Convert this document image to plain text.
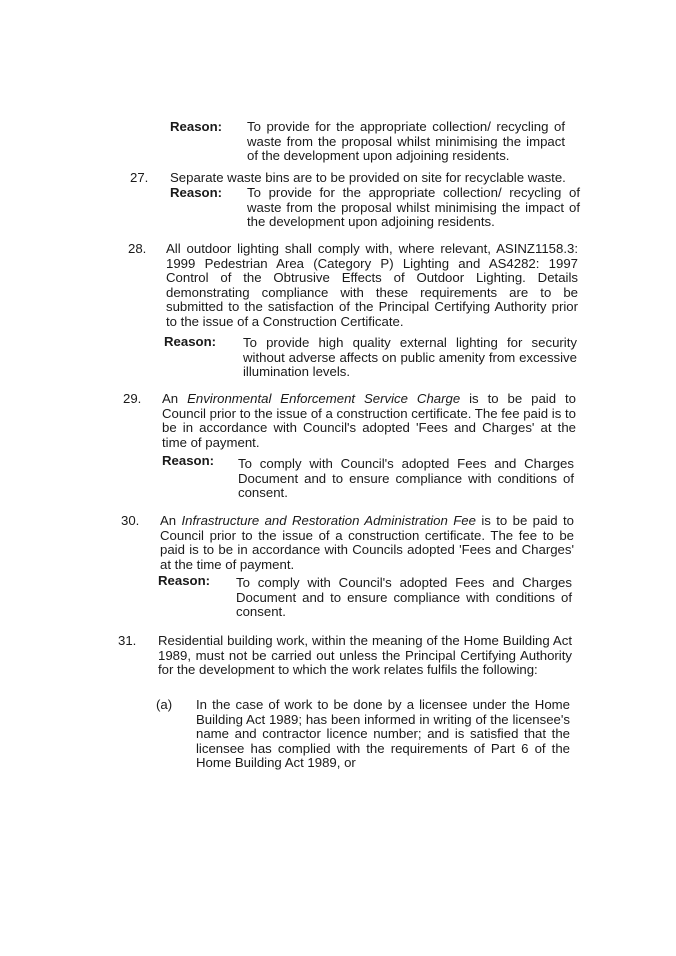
Reason: To provide for the appropriate collection/ recycling of waste from the proposal whilst minimising the impact of the development upon adjoining residents.
27. Separate waste bins are to be provided on site for recyclable waste.
Reason: To provide for the appropriate collection/ recycling of waste from the proposal whilst minimising the impact of the development upon adjoining residents.
28. All outdoor lighting shall comply with, where relevant, ASINZ1158.3: 1999 Pedestrian Area (Category P) Lighting and AS4282: 1997 Control of the Obtrusive Effects of Outdoor Lighting. Details demonstrating compliance with these requirements are to be submitted to the satisfaction of the Principal Certifying Authority prior to the issue of a Construction Certificate.
Reason: To provide high quality external lighting for security without adverse affects on public amenity from excessive illumination levels.
29. An Environmental Enforcement Service Charge is to be paid to Council prior to the issue of a construction certificate. The fee paid is to be in accordance with Council's adopted 'Fees and Charges' at the time of payment.
Reason: To comply with Council's adopted Fees and Charges Document and to ensure compliance with conditions of consent.
30. An Infrastructure and Restoration Administration Fee is to be paid to Council prior to the issue of a construction certificate. The fee to be paid is to be in accordance with Councils adopted 'Fees and Charges' at the time of payment.
Reason: To comply with Council's adopted Fees and Charges Document and to ensure compliance with conditions of consent.
31. Residential building work, within the meaning of the Home Building Act 1989, must not be carried out unless the Principal Certifying Authority for the development to which the work relates fulfils the following:
(a) In the case of work to be done by a licensee under the Home Building Act 1989; has been informed in writing of the licensee's name and contractor licence number; and is satisfied that the licensee has complied with the requirements of Part 6 of the Home Building Act 1989, or
